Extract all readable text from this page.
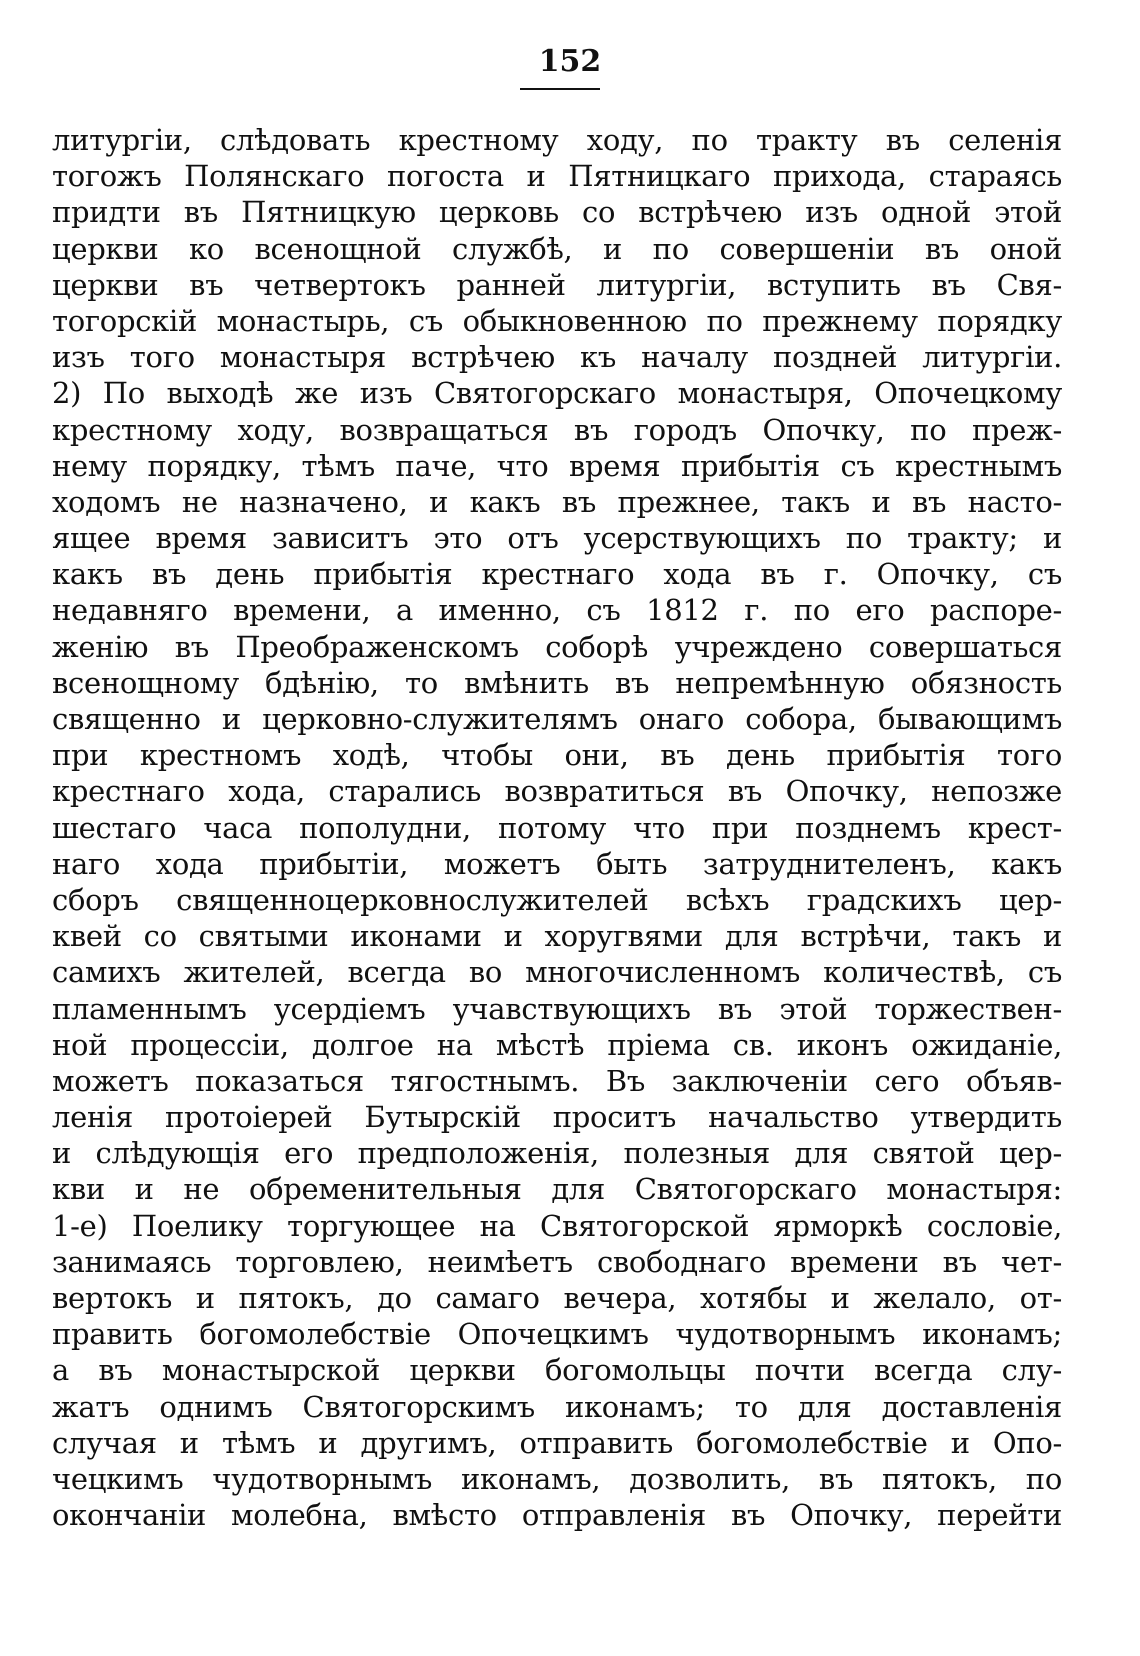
152
литургіи, слѣдовать крестному ходу, по тракту въ селенія
тогожъ Полянскаго погоста и Пятницкаго прихода, стараясь
придти въ Пятницкую церковь со встрѣчею изъ одной этой
церкви ко всенощной службѣ, и по совершеніи въ оной
церкви въ четвертокъ ранней литургіи, вступить въ Свя-
тогорскій монастырь, съ обыкновенною по прежнему порядку
изъ того монастыря встрѣчею къ началу поздней литургіи.
2) По выходѣ же изъ Святогорскаго монастыря, Опочецкому
крестному ходу, возвращаться въ городъ Опочку, по преж-
нему порядку, тѣмъ паче, что время прибытія съ крестнымъ
ходомъ не назначено, и какъ въ прежнее, такъ и въ насто-
ящее время зависитъ это отъ усерствующихъ по тракту; и
какъ въ день прибытія крестнаго хода въ г. Опочку, съ
недавняго времени, а именно, съ 1812 г. по его распоре-
женію въ Преображенскомъ соборѣ учреждено совершаться
всенощному бдѣнію, то вмѣнить въ непремѣнную обязность
священно и церковно-служителямъ онаго собора, бывающимъ
при крестномъ ходѣ, чтобы они, въ день прибытія того
крестнаго хода, старались возвратиться въ Опочку, непозже
шестаго часа пополудни, потому что при позднемъ крест-
наго хода прибытіи, можетъ быть затруднителенъ, какъ
сборъ священноцерковнослужителей всѣхъ градскихъ цер-
квей со святыми иконами и хоругвями для встрѣчи, такъ и
самихъ жителей, всегда во многочисленномъ количествѣ, съ
пламеннымъ усердіемъ учавствующихъ въ этой торжествен-
ной процессіи, долгое на мѣстѣ пріема св. иконъ ожиданіе,
можетъ показаться тягостнымъ. Въ заключеніи сего объяв-
ленія протоіерей Бутырскій проситъ начальство утвердить
и слѣдующія его предположенія, полезныя для святой цер-
кви и не обременительныя для Святогорскаго монастыря:
1-е) Поелику торгующее на Святогорской ярморкѣ сословіе,
занимаясь торговлею, неимѣетъ свободнаго времени въ чет-
вертокъ и пятокъ, до самаго вечера, хотябы и желало, от-
править богомолебствіе Опочецкимъ чудотворнымъ иконамъ;
а въ монастырской церкви богомольцы почти всегда слу-
жатъ однимъ Святогорскимъ иконамъ; то для доставленія
случая и тѣмъ и другимъ, отправить богомолебствіе и Опо-
чецкимъ чудотворнымъ иконамъ, дозволить, въ пятокъ, по
окончаніи молебна, вмѣсто отправленія въ Опочку, перейти
